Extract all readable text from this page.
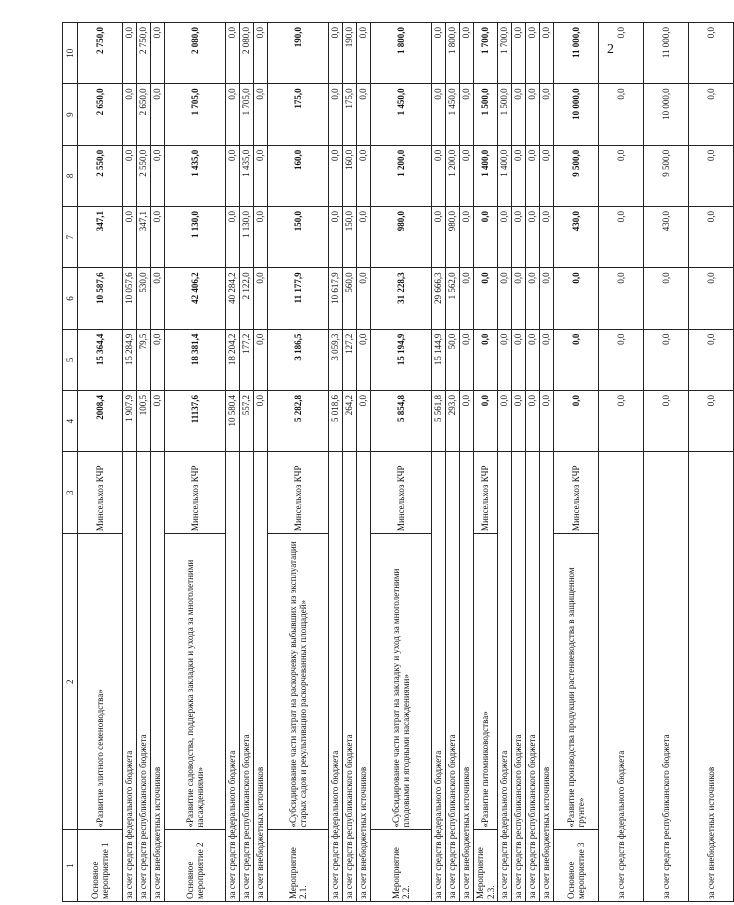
2
1	2	3	4	5	6	7	8	9	10
Основное мероприятие 1	«Развитие элитного семеноводства»	Минсельхоз КЧР	2008,4	15 364,4	10 587,6	347,1	2 550,0	2 650,0	2 750,0
за счет средств федерального бюджета			1 907,9	15 284,9	10 057,6	0,0	0,0	0,0	0,0
за счет средств республиканского бюджета			100,5	79,5	530,0	347,1	2 550,0	2 650,0	2 750,0
за счет внебюджетных источников			0,0	0,0	0,0	0,0	0,0	0,0	0,0
Основное мероприятие 2	«Развитие садоводства, поддержка закладки и ухода за многолетними насаждениями»	Минсельхоз КЧР	11137,6	18 381,4	42 406,2	1 130,0	1 435,0	1 705,0	2 080,0
за счет средств федерального бюджета			10 580,4	18 204,2	40 284,2	0,0	0,0	0,0	0,0
за счет средств республиканского бюджета			557,2	177,2	2 122,0	1 130,0	1 435,0	1 705,0	2 080,0
за счет внебюджетных источников			0,0	0,0	0,0	0,0	0,0	0,0	0,0
Мероприятие 2.1.	«Субсидирование части затрат на раскорчевку выбывших из эксплуатации старых садов и рекультивацию раскорчеванных площадей»	Минсельхоз КЧР	5 282,8	3 186,5	11 177,9	150,0	160,0	175,0	190,0
за счет средств федерального бюджета			5 018,6	3 059,3	10 617,9	0,0	0,0	0,0	0,0
за счет средств республиканского бюджета			264,2	127,2	560,0	150,0	160,0	175,0	190,0
за счет внебюджетных источников			0,0	0,0	0,0	0,0	0,0	0,0	0,0
Мероприятие 2.2.	«Субсидирование части затрат на закладку и уход за многолетними плодовыми и ягодными насаждениями»	Минсельхоз КЧР	5 854,8	15 194,9	31 228,3	980,0	1 200,0	1 450,0	1 800,0
за счет средств федерального бюджета			5 561,8	15 144,9	29 666,3	0,0	0,0	0,0	0,0
за счет средств республиканского бюджета			293,0	50,0	1 562,0	980,0	1 200,0	1 450,0	1 800,0
за счет внебюджетных источников			0,0	0,0	0,0	0,0	0,0	0,0	0,0
Мероприятие 2.3.	«Развитие питомниководства»	Минсельхоз КЧР	0,0	0,0	0,0	0,0	1 400,0	1 500,0	1 700,0
за счет средств федерального бюджета			0,0	0,0	0,0	0,0	1 400,0	1 500,0	1 700,0
за счет средств республиканского бюджета			0,0	0,0	0,0	0,0	0,0	0,0	0,0
за счет средств республиканского бюджета			0,0	0,0	0,0	0,0	0,0	0,0	0,0
за счет внебюджетных источников			0,0	0,0	0,0	0,0	0,0	0,0	0,0
Основное мероприятие 3	«Развитие производства продукции растениеводства в защищенном грунте»	Минсельхоз КЧР	0,0	0,0	0,0	430,0	9 500,0	10 000,0	11 000,0
за счет средств федерального бюджета			0,0	0,0	0,0	0,0	0,0	0,0	0,0
за счет средств республиканского бюджета			0,0	0,0	0,0	430,0	9 500,0	10 000,0	11 000,0
за счет внебюджетных источников			0,0	0,0	0,0	0,0	0,0	0,0	0,0
